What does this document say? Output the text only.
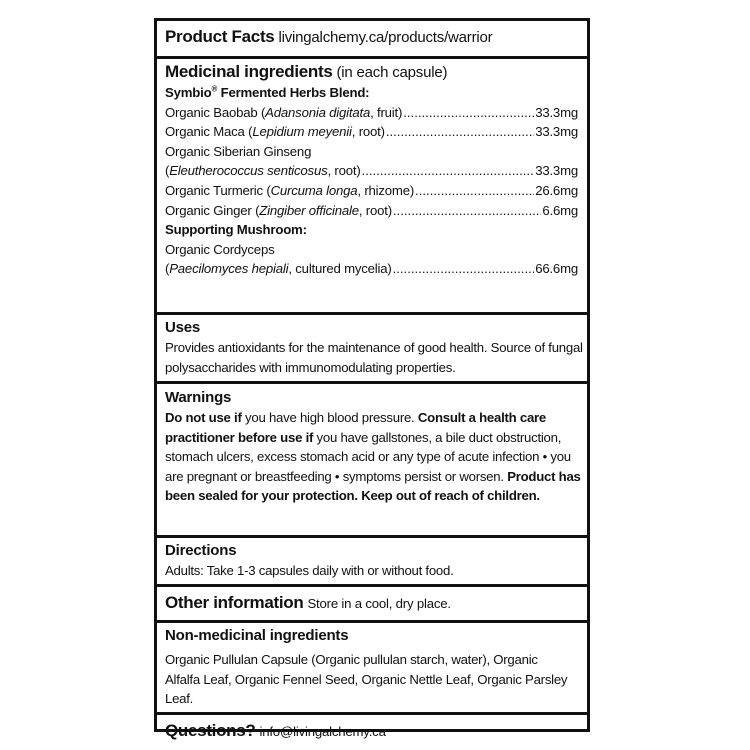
Product Facts livingalchemy.ca/products/warrior
Medicinal ingredients (in each capsule)
Symbio® Fermented Herbs Blend:
Organic Baobab (Adansonia digitata, fruit) .....	33.3mg
Organic Maca (Lepidium meyenii, root) .....	33.3mg
Organic Siberian Ginseng
(Eleutherococcus senticosus, root) .....	33.3mg
Organic Turmeric (Curcuma longa, rhizome) .....	26.6mg
Organic Ginger (Zingiber officinale, root) .....	6.6mg
Supporting Mushroom:
Organic Cordyceps
(Paecilomyces hepiali, cultured mycelia) .....	66.6mg
Uses
Provides antioxidants for the maintenance of good health. Source of fungal polysaccharides with immunomodulating properties.
Warnings
Do not use if you have high blood pressure. Consult a health care practitioner before use if you have gallstones, a bile duct obstruction, stomach ulcers, excess stomach acid or any type of acute infection • you are pregnant or breastfeeding • symptoms persist or worsen. Product has been sealed for your protection. Keep out of reach of children.
Directions
Adults: Take 1-3 capsules daily with or without food.
Other information Store in a cool, dry place.
Non-medicinal ingredients
Organic Pullulan Capsule (Organic pullulan starch, water), Organic Alfalfa Leaf, Organic Fennel Seed, Organic Nettle Leaf, Organic Parsley Leaf.
Questions? info@livingalchemy.ca
